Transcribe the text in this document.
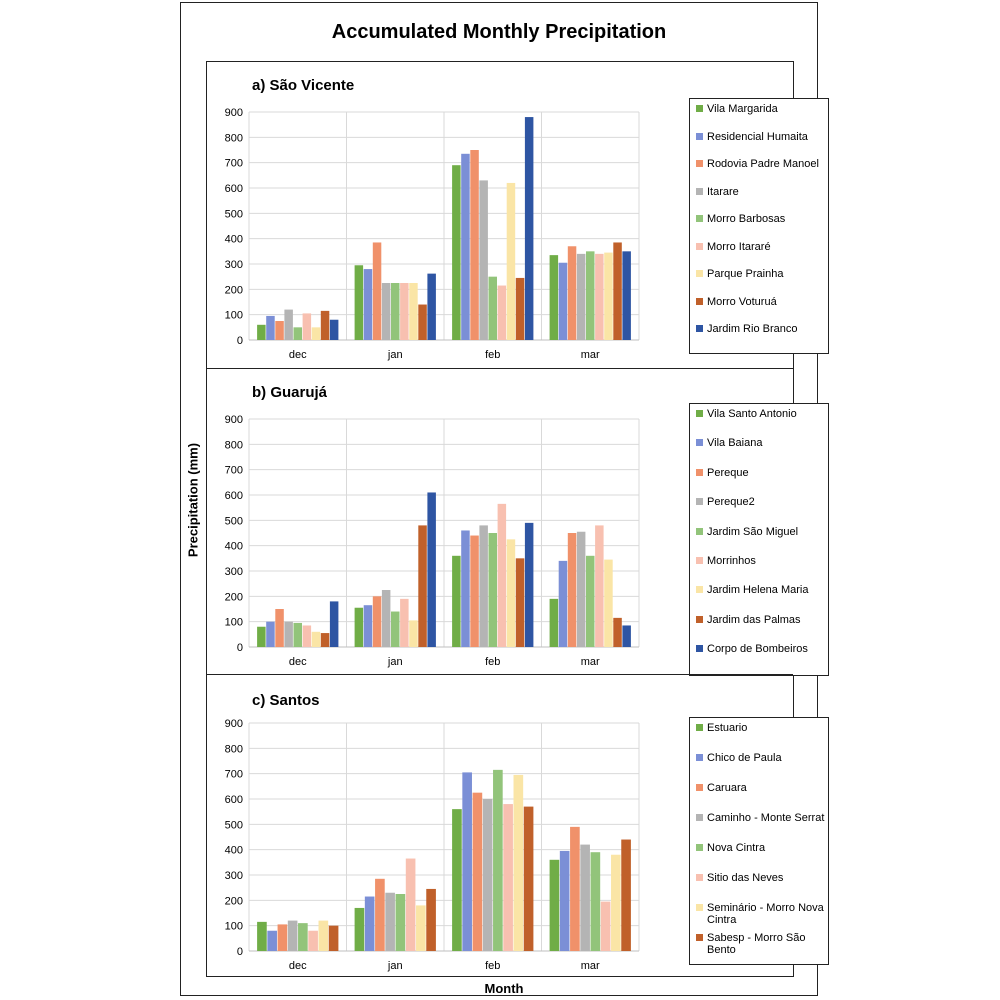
Accumulated Monthly Precipitation
a) São Vicente
0
100
200
300
400
500
600
700
800
900
dec	jan	feb	mar
Vila Margarida
Residencial Humaita
Rodovia Padre Manoel
Itarare
Morro Barbosas
Morro Itararé
Parque Prainha
Morro Voturuá
Jardim Rio Branco
b) Guarujá
0
100
200
300
400
500
600
700
800
900
dec	jan	feb	mar
Vila Santo Antonio
Vila Baiana
Pereque
Pereque2
Jardim São Miguel
Morrinhos
Jardim Helena Maria
Jardim das Palmas
Corpo de Bombeiros
c) Santos
0
100
200
300
400
500
600
700
800
900
dec	jan	feb	mar
Estuario
Chico de Paula
Caruara
Caminho - Monte Serrat
Nova Cintra
Sitio das Neves
Seminário - Morro Nova Cintra
Sabesp - Morro São Bento
Precipitation (mm)
Month
